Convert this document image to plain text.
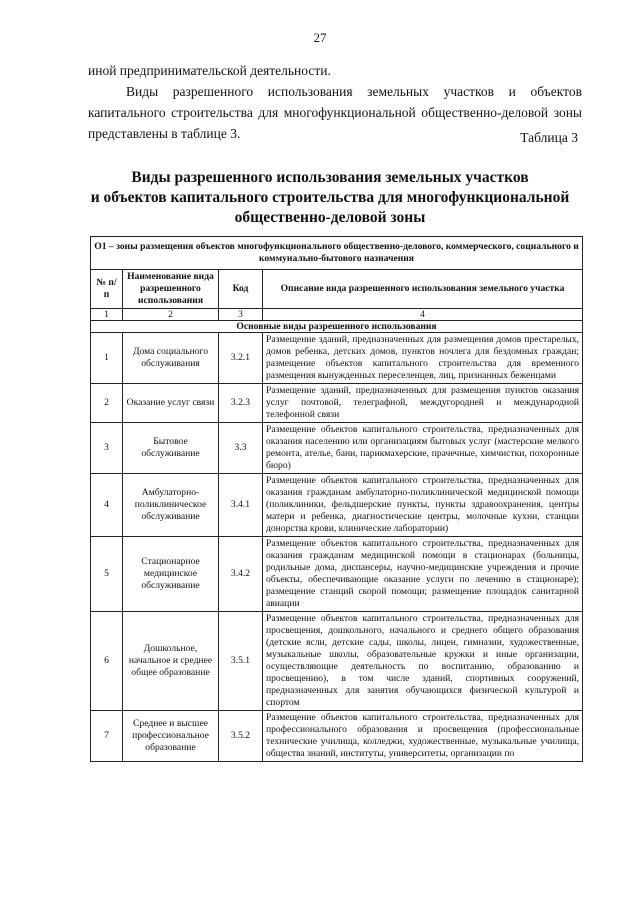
27

иной предпринимательской деятельности.

Виды разрешенного использования земельных участков и объектов капитального строительства для многофункциональной общественно-деловой зоны представлены в таблице 3.	Таблица 3
Виды разрешенного использования земельных участков
и объектов капитального строительства для многофункциональной
общественно-деловой зоны
О1 – зоны размещения объектов многофункционального общественно-делового, коммерческого, социального и коммунально-бытового назначения			
№ п/п	Наименование вида разрешенного использования	Код	Описание вида разрешенного использования земельного участка
1	2	3	4
Основные виды разрешенного использования			
1	Дома социального обслуживания	3.2.1	Размещение зданий, предназначенных для размещения домов престарелых, домов ребенка, детских домов, пунктов ночлега для бездомных граждан; размещение объектов капитального строительства для временного размещения вынужденных переселенцев, лиц, признанных беженцами
2	Оказание услуг связи	3.2.3	Размещение зданий, предназначенных для размещения пунктов оказания услуг почтовой, телеграфной, междугородней и международной телефонной связи
3	Бытовое обслуживание	3.3	Размещение объектов капитального строительства, предназначенных для оказания населению или организациям бытовых услуг (мастерские мелкого ремонта, ателье, бани, парикмахерские, прачечные, химчистки, похоронные бюро)
4	Амбулаторно-поликлиническое обслуживание	3.4.1	Размещение объектов капитального строительства, предназначенных для оказания гражданам амбулаторно-поликлинической медицинской помощи (поликлиники, фельдшерские пункты, пункты здравоохранения, центры матери и ребенка, диагностические центры, молочные кухни, станции донорства крови, клинические лаборатории)
5	Стационарное медицинское обслуживание	3.4.2	Размещение объектов капитального строительства, предназначенных для оказания гражданам медицинской помощи в стационарах (больницы, родильные дома, диспансеры, научно-медицинские учреждения и прочие объекты, обеспечивающие оказание услуги по лечению в стационаре); размещение станций скорой помощи; размещение площадок санитарной авиации
6	Дошкольное, начальное и среднее общее образование	3.5.1	Размещение объектов капитального строительства, предназначенных для просвещения, дошкольного, начального и среднего общего образования (детские ясли, детские сады, школы, лицеи, гимназии, художественные, музыкальные школы, образовательные кружки и иные организации, осуществляющие деятельность по воспитанию, образованию и просвещению), в том числе зданий, спортивных сооружений, предназначенных для занятия обучающихся физической культурой и спортом
7	Среднее и высшее профессиональное образование	3.5.2	Размещение объектов капитального строительства, предназначенных для профессионального образования и просвещения (профессиональные технические училища, колледжи, художественные, музыкальные училища, общества знаний, институты, университеты, организации по
